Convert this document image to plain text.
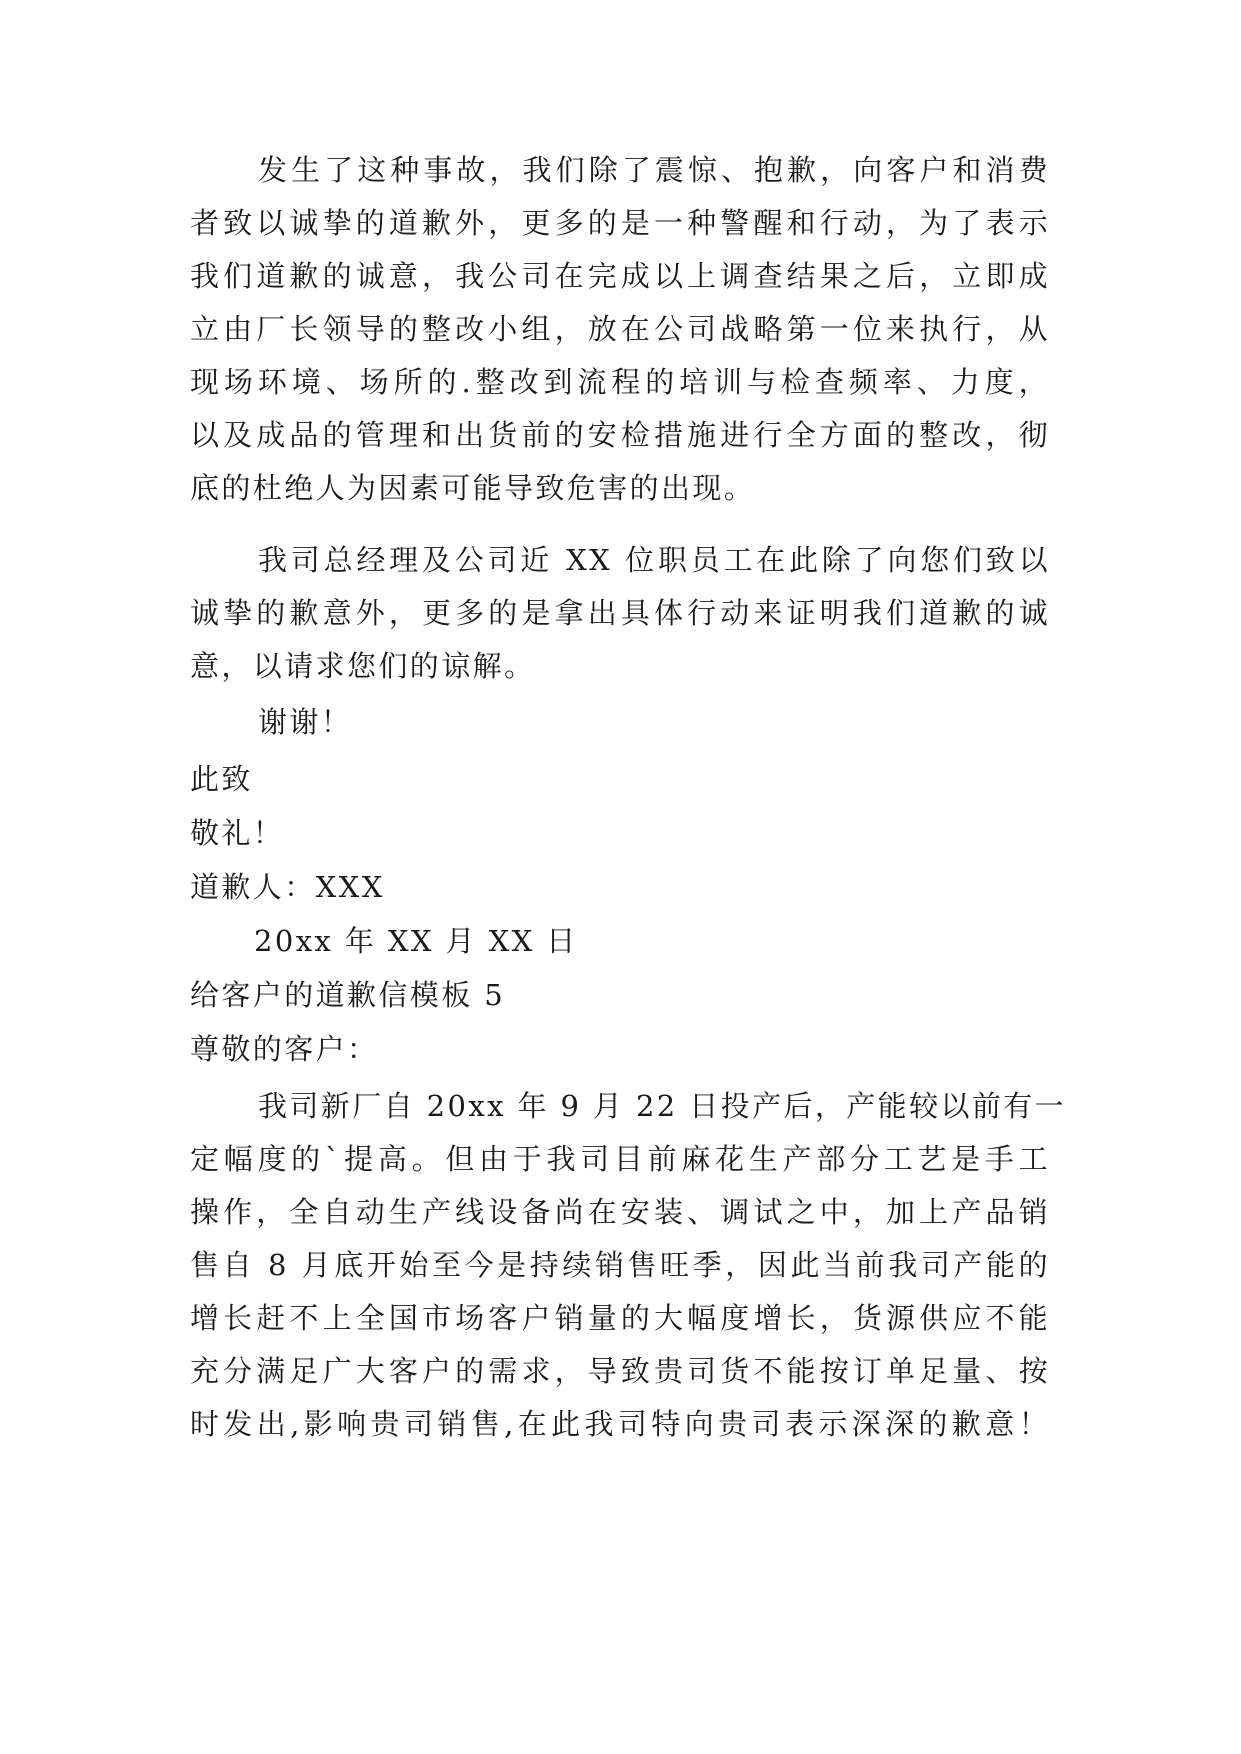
发生了这种事故，我们除了震惊、抱歉，向客户和消费
者致以诚挚的道歉外，更多的是一种警醒和行动，为了表示
我们道歉的诚意，我公司在完成以上调查结果之后，立即成
立由厂长领导的整改小组，放在公司战略第一位来执行，从
现场环境、场所的.整改到流程的培训与检查频率、力度，
以及成品的管理和出货前的安检措施进行全方面的整改，彻
底的杜绝人为因素可能导致危害的出现。
我司总经理及公司近 XX 位职员工在此除了向您们致以
诚挚的歉意外，更多的是拿出具体行动来证明我们道歉的诚
意，以请求您们的谅解。
谢谢！
此致
敬礼！
道歉人：XXX
20xx 年 XX 月 XX 日
给客户的道歉信模板 5
尊敬的客户：
我司新厂自 20xx 年 9 月 22 日投产后，产能较以前有一
定幅度的`提高。但由于我司目前麻花生产部分工艺是手工
操作，全自动生产线设备尚在安装、调试之中，加上产品销
售自 8 月底开始至今是持续销售旺季，因此当前我司产能的
增长赶不上全国市场客户销量的大幅度增长，货源供应不能
充分满足广大客户的需求，导致贵司货不能按订单足量、按
时发出,影响贵司销售,在此我司特向贵司表示深深的歉意！
